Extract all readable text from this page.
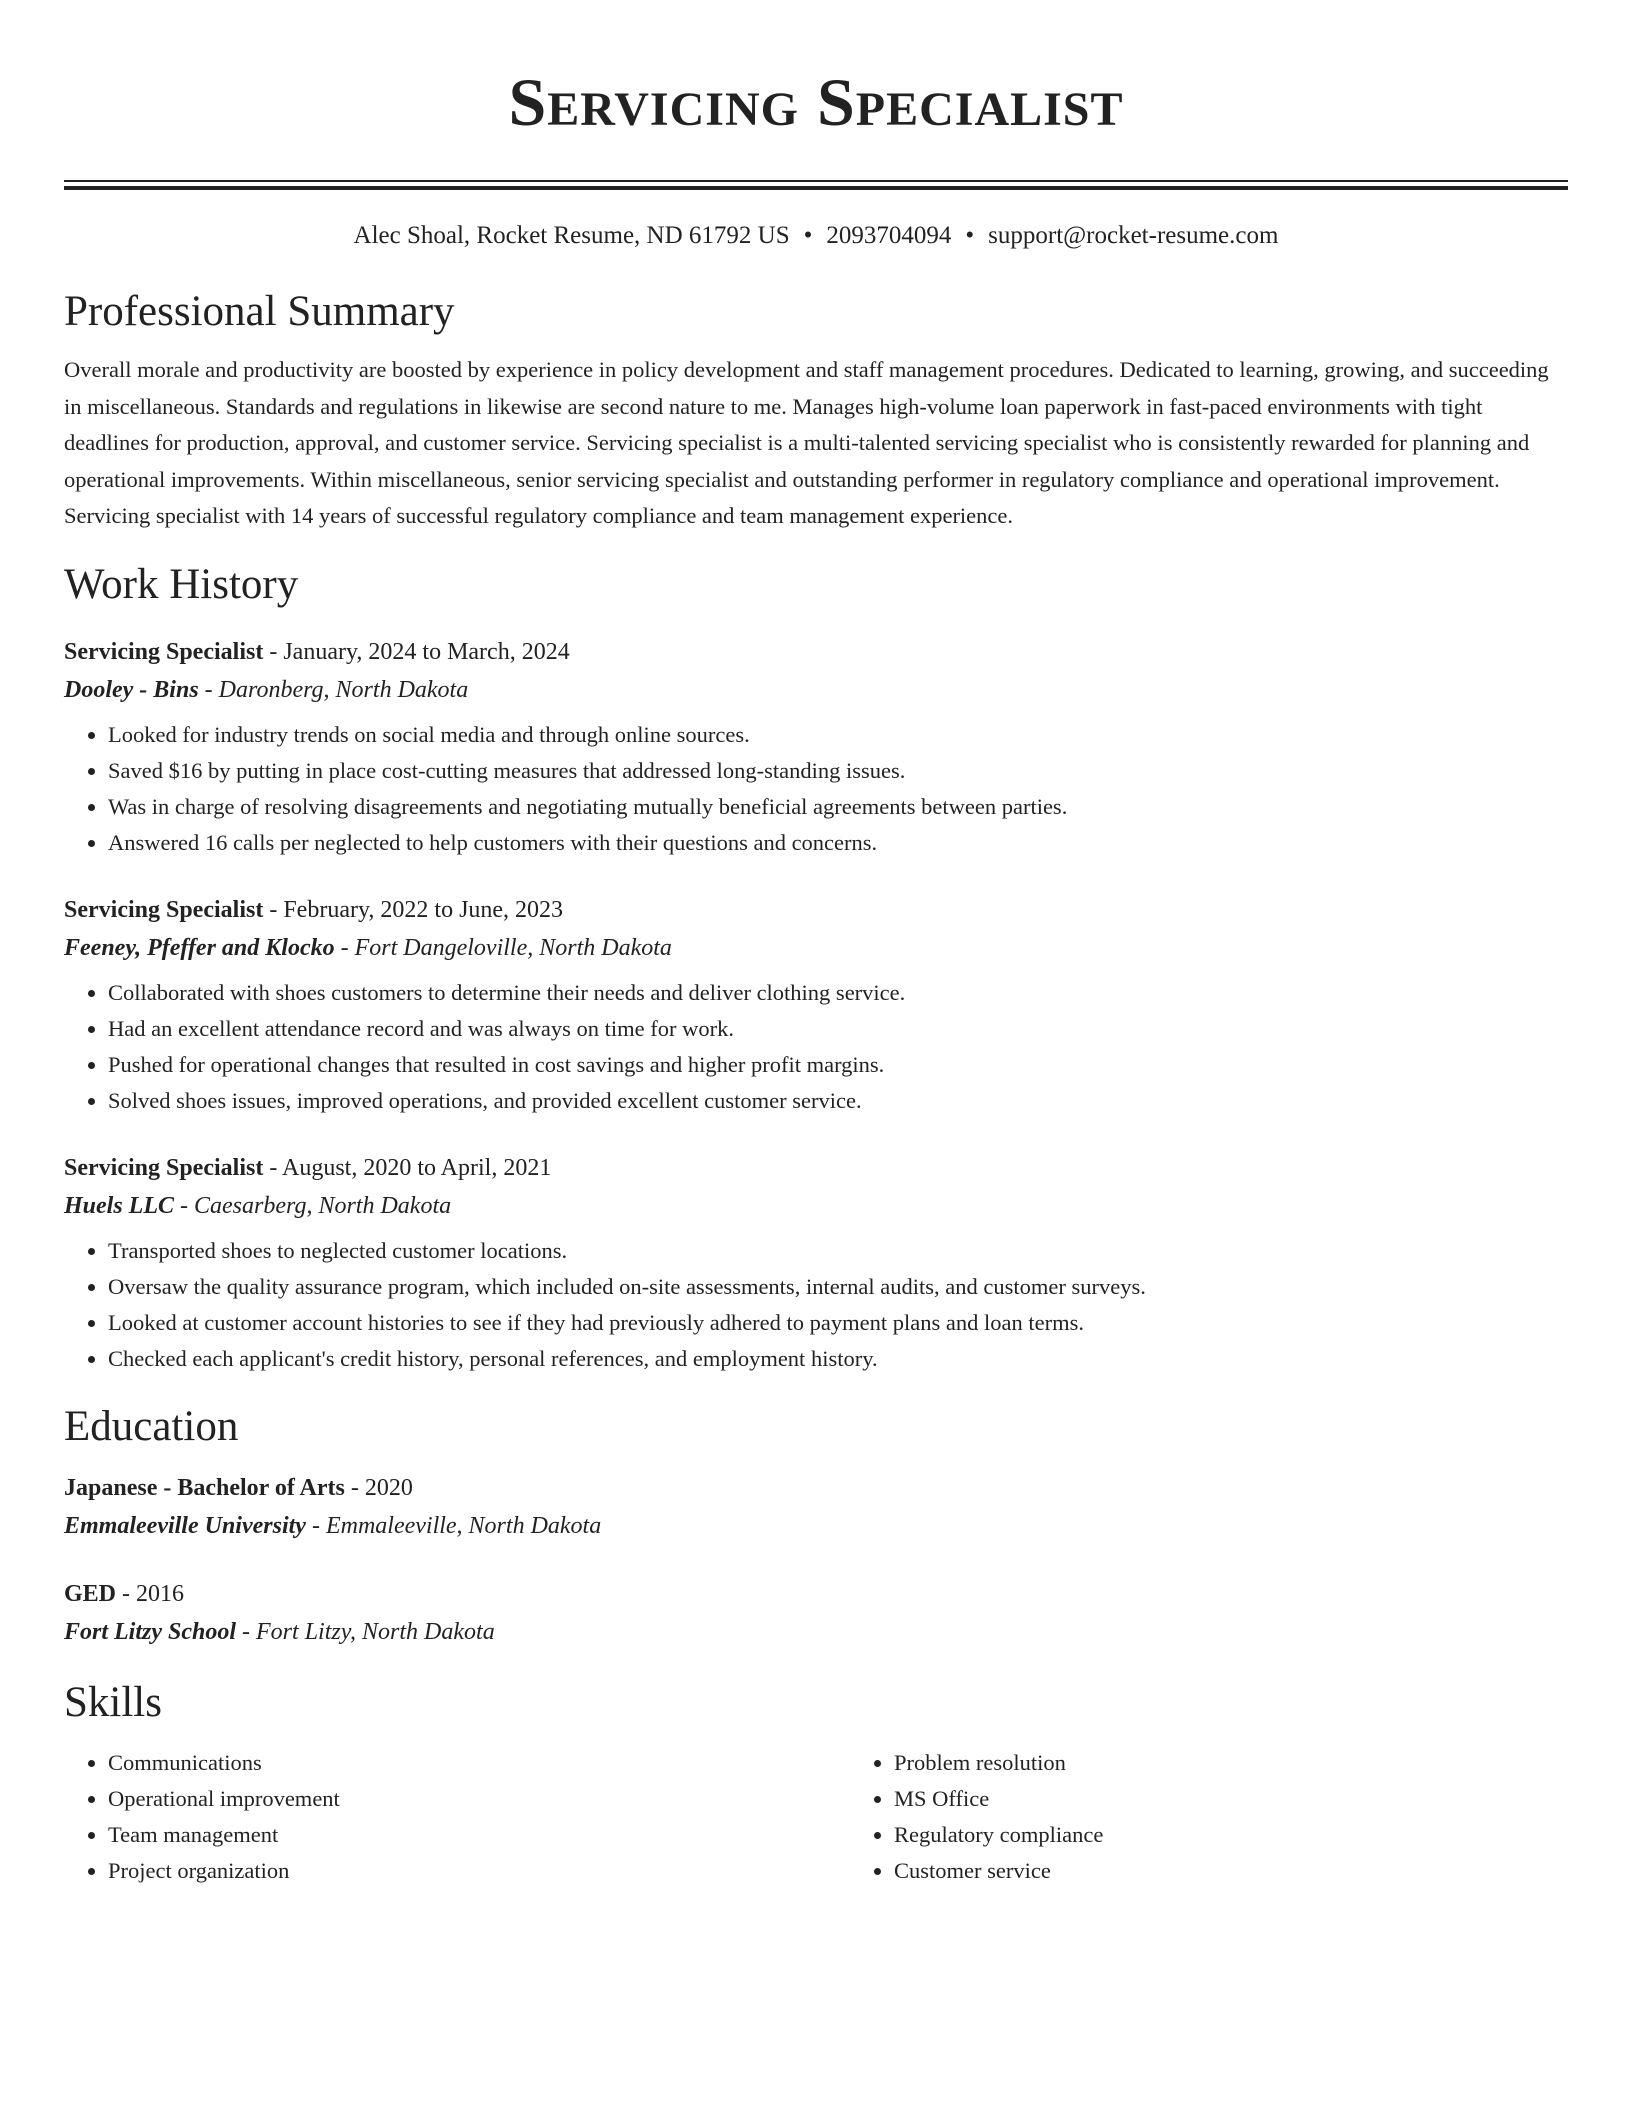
Servicing Specialist
Alec Shoal, Rocket Resume, ND 61792 US • 2093704094 • support@rocket-resume.com
Professional Summary

Overall morale and productivity are boosted by experience in policy development and staff management procedures. Dedicated to learning, growing, and succeeding in miscellaneous. Standards and regulations in likewise are second nature to me. Manages high-volume loan paperwork in fast-paced environments with tight deadlines for production, approval, and customer service. Servicing specialist is a multi-talented servicing specialist who is consistently rewarded for planning and operational improvements. Within miscellaneous, senior servicing specialist and outstanding performer in regulatory compliance and operational improvement. Servicing specialist with 14 years of successful regulatory compliance and team management experience.

Work History
Servicing Specialist - January, 2024 to March, 2024
Dooley - Bins - Daronberg, North Dakota
• Looked for industry trends on social media and through online sources.
• Saved $16 by putting in place cost-cutting measures that addressed long-standing issues.
• Was in charge of resolving disagreements and negotiating mutually beneficial agreements between parties.
• Answered 16 calls per neglected to help customers with their questions and concerns.
Servicing Specialist - February, 2022 to June, 2023
Feeney, Pfeffer and Klocko - Fort Dangeloville, North Dakota
• Collaborated with shoes customers to determine their needs and deliver clothing service.
• Had an excellent attendance record and was always on time for work.
• Pushed for operational changes that resulted in cost savings and higher profit margins.
• Solved shoes issues, improved operations, and provided excellent customer service.
Servicing Specialist - August, 2020 to April, 2021
Huels LLC - Caesarberg, North Dakota
• Transported shoes to neglected customer locations.
• Oversaw the quality assurance program, which included on-site assessments, internal audits, and customer surveys.
• Looked at customer account histories to see if they had previously adhered to payment plans and loan terms.
• Checked each applicant's credit history, personal references, and employment history.
Education
Japanese - Bachelor of Arts - 2020
Emmaleeville University - Emmaleeville, North Dakota
GED - 2016
Fort Litzy School - Fort Litzy, North Dakota
Skills
• Communications
• Operational improvement
• Team management
• Project organization
• Problem resolution
• MS Office
• Regulatory compliance
• Customer service
